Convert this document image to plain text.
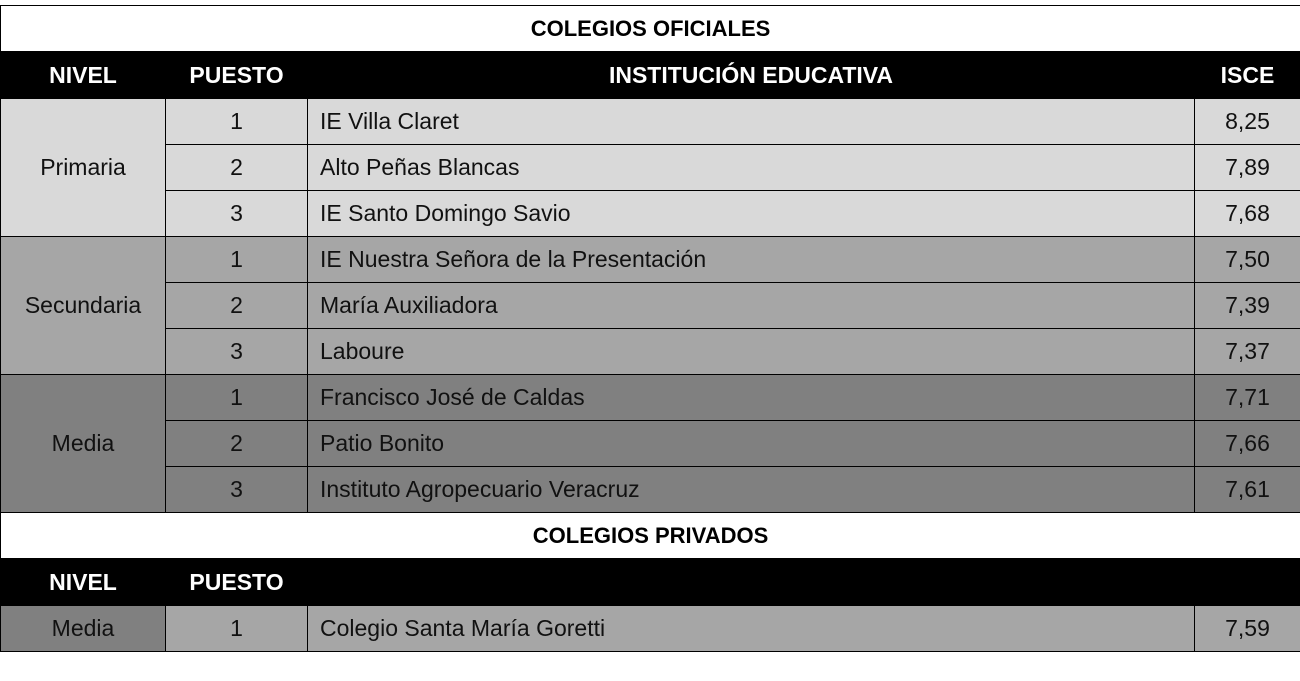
COLEGIOS OFICIALES			
NIVEL	PUESTO	INSTITUCIÓN EDUCATIVA	ISCE
Primaria	1	IE Villa Claret	8,25
	2	Alto Peñas Blancas	7,89
	3	IE Santo Domingo Savio	7,68
Secundaria	1	IE Nuestra Señora de la Presentación	7,50
	2	María Auxiliadora	7,39
	3	Laboure	7,37
Media	1	Francisco José de Caldas	7,71
	2	Patio Bonito	7,66
	3	Instituto Agropecuario Veracruz	7,61
COLEGIOS PRIVADOS			
NIVEL	PUESTO		
Media	1	Colegio Santa María Goretti	7,59
